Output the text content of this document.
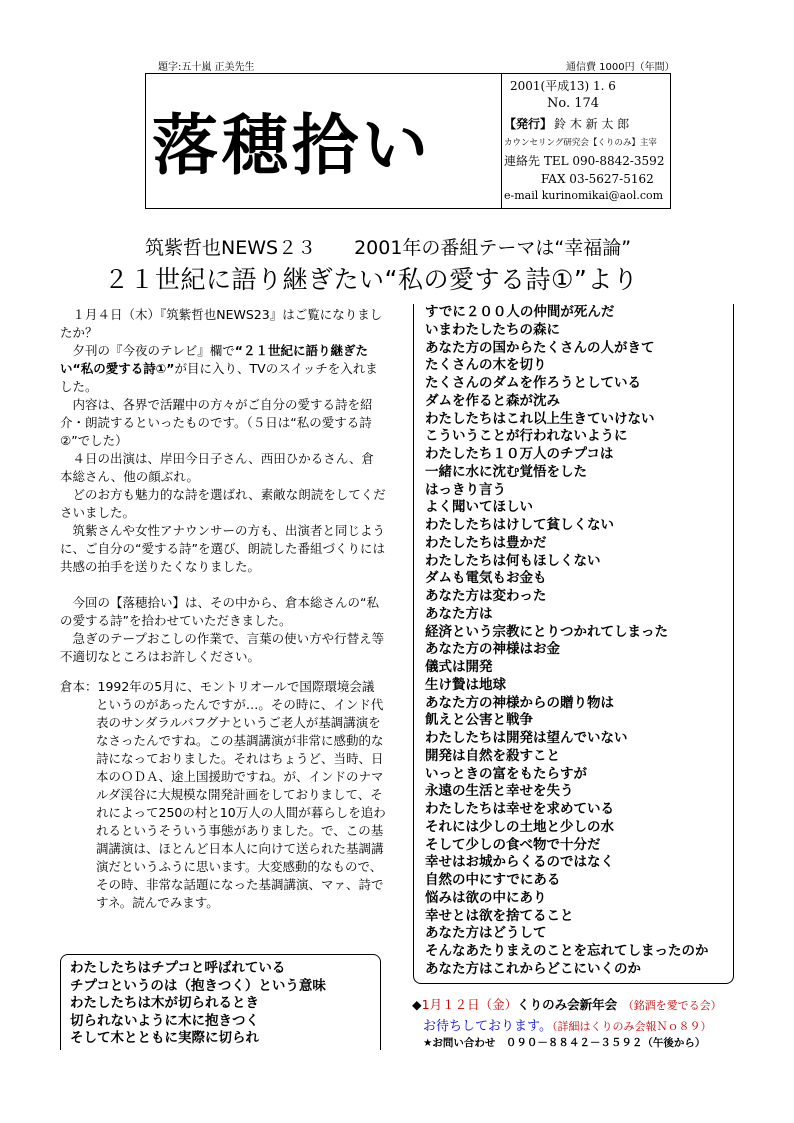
題字:五十嵐 正美先生	通信費 1000円（年間）
落穂拾い
2001(平成13) 1. 6
No. 174
【発行】 鈴 木 新 太 郎
カウンセリング研究会【くりのみ】主宰
連絡先 TEL 090-8842-3592
FAX 03-5627-5162
e-mail kurinomikai@aol.com
筑紫哲也NEWS２３　　2001年の番組テーマは“幸福論”
２１世紀に語り継ぎたい“私の愛する詩①”より

　１月４日（木）『筑紫哲也NEWS23』はご覧になりましたか？

　夕刊の『今夜のテレビ』欄で“２１世紀に語り継ぎたい“私の愛する詩①”が目に入り、TVのスイッチを入れました。

　内容は、各界で活躍中の方々がご自分の愛する詩を紹介・朗読するといったものです。（５日は“私の愛する詩②”でした）

　４日の出演は、岸田今日子さん、西田ひかるさん、倉本総さん、他の顔ぶれ。

　どのお方も魅力的な詩を選ばれ、素敵な朗読をしてくださいました。

　筑紫さんや女性アナウンサーの方も、出演者と同じように、ご自分の“愛する詩”を選び、朗読した番組づくりには共感の拍手を送りたくなりました。

　今回の【落穂拾い】は、その中から、倉本総さんの“私の愛する詩”を拾わせていただきました。

　急ぎのテープおこしの作業で、言葉の使い方や行替え等不適切なところはお許しください。

倉本：1992年の5月に、モントリオールで国際環境会議というのがあったんですが…。その時に、インド代表のサンダラルバフグナというご老人が基調講演をなさったんですね。この基調講演が非常に感動的な詩になっておりました。それはちょうど、当時、日本のＯＤＡ、途上国援助ですね。が、インドのナマルダ渓谷に大規模な開発計画をしておりまして、それによって250の村と10万人の人間が暮らしを追われるというそういう事態がありました。で、この基調講演は、ほとんど日本人に向けて送られた基調講演だというふうに思います。大変感動的なもので、その時、非常な話題になった基調講演、マァ、詩ですネ。読んでみます。
わたしたちはチプコと呼ばれている
チプコというのは（抱きつく）という意味
わたしたちは木が切られるとき
切られないように木に抱きつく
そして木とともに実際に切られ
すでに２００人の仲間が死んだ
いまわたしたちの森に
あなた方の国からたくさんの人がきて
たくさんの木を切り
たくさんのダムを作ろうとしている
ダムを作ると森が沈み
わたしたちはこれ以上生きていけない
こういうことが行われないように
わたしたち１０万人のチプコは
一緒に水に沈む覚悟をした
はっきり言う
よく聞いてほしい
わたしたちはけして貧しくない
わたしたちは豊かだ
わたしたちは何もほしくない
ダムも電気もお金も
あなた方は変わった
あなた方は
経済という宗教にとりつかれてしまった
あなた方の神様はお金
儀式は開発
生け贄は地球
あなた方の神様からの贈り物は
飢えと公害と戦争
わたしたちは開発は望んでいない
開発は自然を殺すこと
いっときの富をもたらすが
永遠の生活と幸せを失う
わたしたちは幸せを求めている
それには少しの土地と少しの水
そして少しの食べ物で十分だ
幸せはお城からくるのではなく
自然の中にすでにある
悩みは欲の中にあり
幸せとは欲を捨てること
あなた方はどうして
そんなあたりまえのことを忘れてしまったのか
あなた方はこれからどこにいくのか
◆1月１２日（金）くりのみ会新年会　（銘酒を愛でる会）
お待ちしております。（詳細はくりのみ会報Ｎｏ８９）
★お問い合わせ　０９０－８８４２－３５９２（午後から）
